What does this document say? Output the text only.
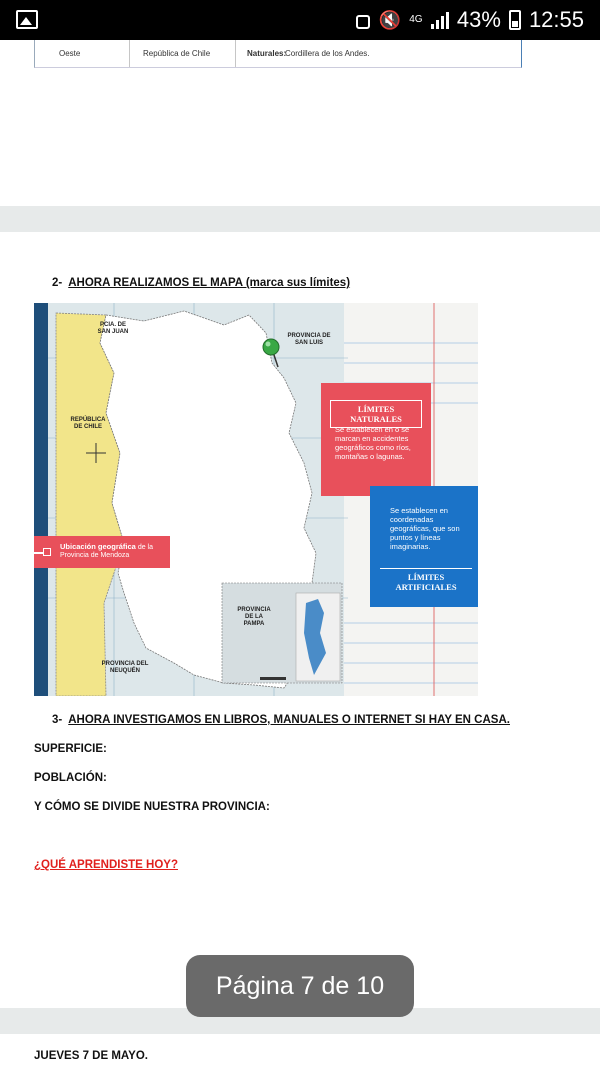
🔇 4G 43% 12:55
Oeste	República de Chile	Naturales:
Cordillera de los Andes.
2- AHORA REALIZAMOS EL MAPA (marca sus límites)
PCIA. DE SAN JUAN
PROVINCIA DE SAN LUIS
REPÚBLICA DE CHILE
PROVINCIA DE LA PAMPA
PROVINCIA DEL NEUQUÉN
LÍMITES NATURALES
Se establecen en o se marcan en accidentes geográficos como ríos, montañas o lagunas.
Se establecen en coordenadas geográficas, que son puntos y líneas imaginarias.
LÍMITES ARTIFICIALES
Ubicación geográfica de la Provincia de Mendoza
3- AHORA INVESTIGAMOS EN LIBROS, MANUALES O INTERNET SI HAY EN CASA.
SUPERFICIE:
POBLACIÓN:
Y CÓMO SE DIVIDE NUESTRA PROVINCIA:
¿QUÉ APRENDISTE HOY?
Página 7 de 10
JUEVES 7 DE MAYO.
